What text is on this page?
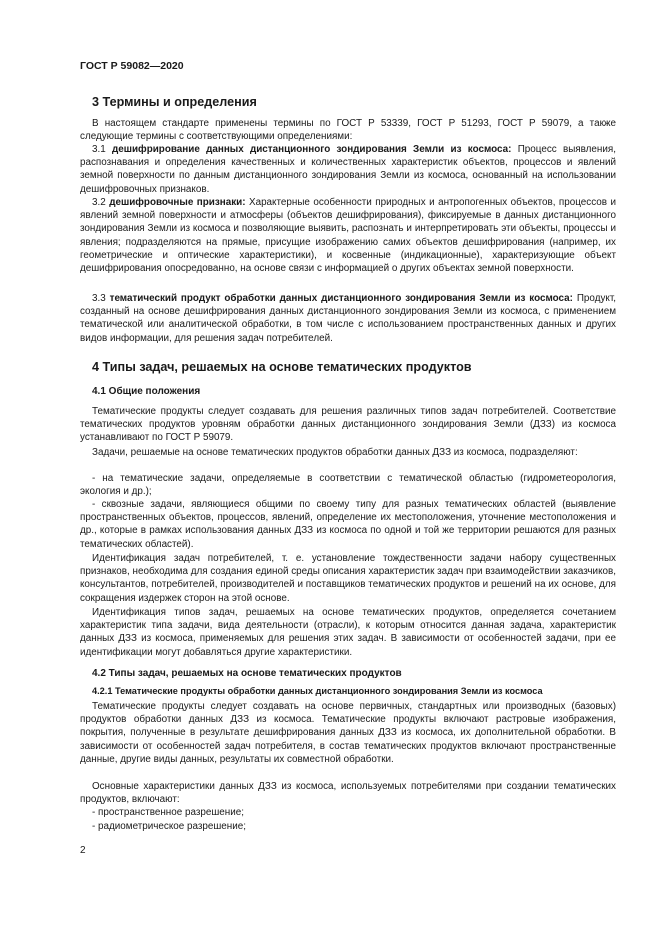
ГОСТ Р 59082—2020
3 Термины и определения

В настоящем стандарте применены термины по ГОСТ Р 53339, ГОСТ Р 51293, ГОСТ Р 59079, а также следующие термины с соответствующими определениями:

3.1 дешифрирование данных дистанционного зондирования Земли из космоса: Процесс выявления, распознавания и определения качественных и количественных характеристик объектов, процессов и явлений земной поверхности по данным дистанционного зондирования Земли из космоса, основанный на использовании дешифровочных признаков.

3.2 дешифровочные признаки: Характерные особенности природных и антропогенных объектов, процессов и явлений земной поверхности и атмосферы (объектов дешифрирования), фиксируемые в данных дистанционного зондирования Земли из космоса и позволяющие выявить, распознать и интерпретировать эти объекты, процессы и явления; подразделяются на прямые, присущие изображению самих объектов дешифрирования (например, их геометрические и оптические характеристики), и косвенные (индикационные), характеризующие объект дешифрирования опосредованно, на основе связи с информацией о других объектах земной поверхности.

3.3 тематический продукт обработки данных дистанционного зондирования Земли из космоса: Продукт, созданный на основе дешифрирования данных дистанционного зондирования Земли из космоса, с применением тематической или аналитической обработки, в том числе с использованием пространственных данных и других видов информации, для решения задач потребителей.

4 Типы задач, решаемых на основе тематических продуктов
4.1 Общие положения

Тематические продукты следует создавать для решения различных типов задач потребителей. Соответствие тематических продуктов уровням обработки данных дистанционного зондирования Земли (ДЗЗ) из космоса устанавливают по ГОСТ Р 59079.

Задачи, решаемые на основе тематических продуктов обработки данных ДЗЗ из космоса, подразделяют:

- на тематические задачи, определяемые в соответствии с тематической областью (гидрометеорология, экология и др.);

- сквозные задачи, являющиеся общими по своему типу для разных тематических областей (выявление пространственных объектов, процессов, явлений, определение их местоположения, уточнение местоположения и др., которые в рамках использования данных ДЗЗ из космоса по одной и той же территории решаются для разных тематических областей).

Идентификация задач потребителей, т. е. установление тождественности задачи набору существенных признаков, необходима для создания единой среды описания характеристик задач при взаимодействии заказчиков, консультантов, потребителей, производителей и поставщиков тематических продуктов и решений на их основе, для сокращения издержек сторон на этой основе.

Идентификация типов задач, решаемых на основе тематических продуктов, определяется сочетанием характеристик типа задачи, вида деятельности (отрасли), к которым относится данная задача, характеристик данных ДЗЗ из космоса, применяемых для решения этих задач. В зависимости от особенностей задачи, при ее идентификации могут добавляться другие характеристики.

4.2 Типы задач, решаемых на основе тематических продуктов
4.2.1 Тематические продукты обработки данных дистанционного зондирования Земли из космоса

Тематические продукты следует создавать на основе первичных, стандартных или производных (базовых) продуктов обработки данных ДЗЗ из космоса. Тематические продукты включают растровые изображения, покрытия, полученные в результате дешифрирования данных ДЗЗ из космоса, их дополнительной обработки. В зависимости от особенностей задач потребителя, в состав тематических продуктов включают пространственные данные, другие виды данных, результаты их совместной обработки.

Основные характеристики данных ДЗЗ из космоса, используемых потребителями при создании тематических продуктов, включают:

- пространственное разрешение;

- радиометрическое разрешение;

2
